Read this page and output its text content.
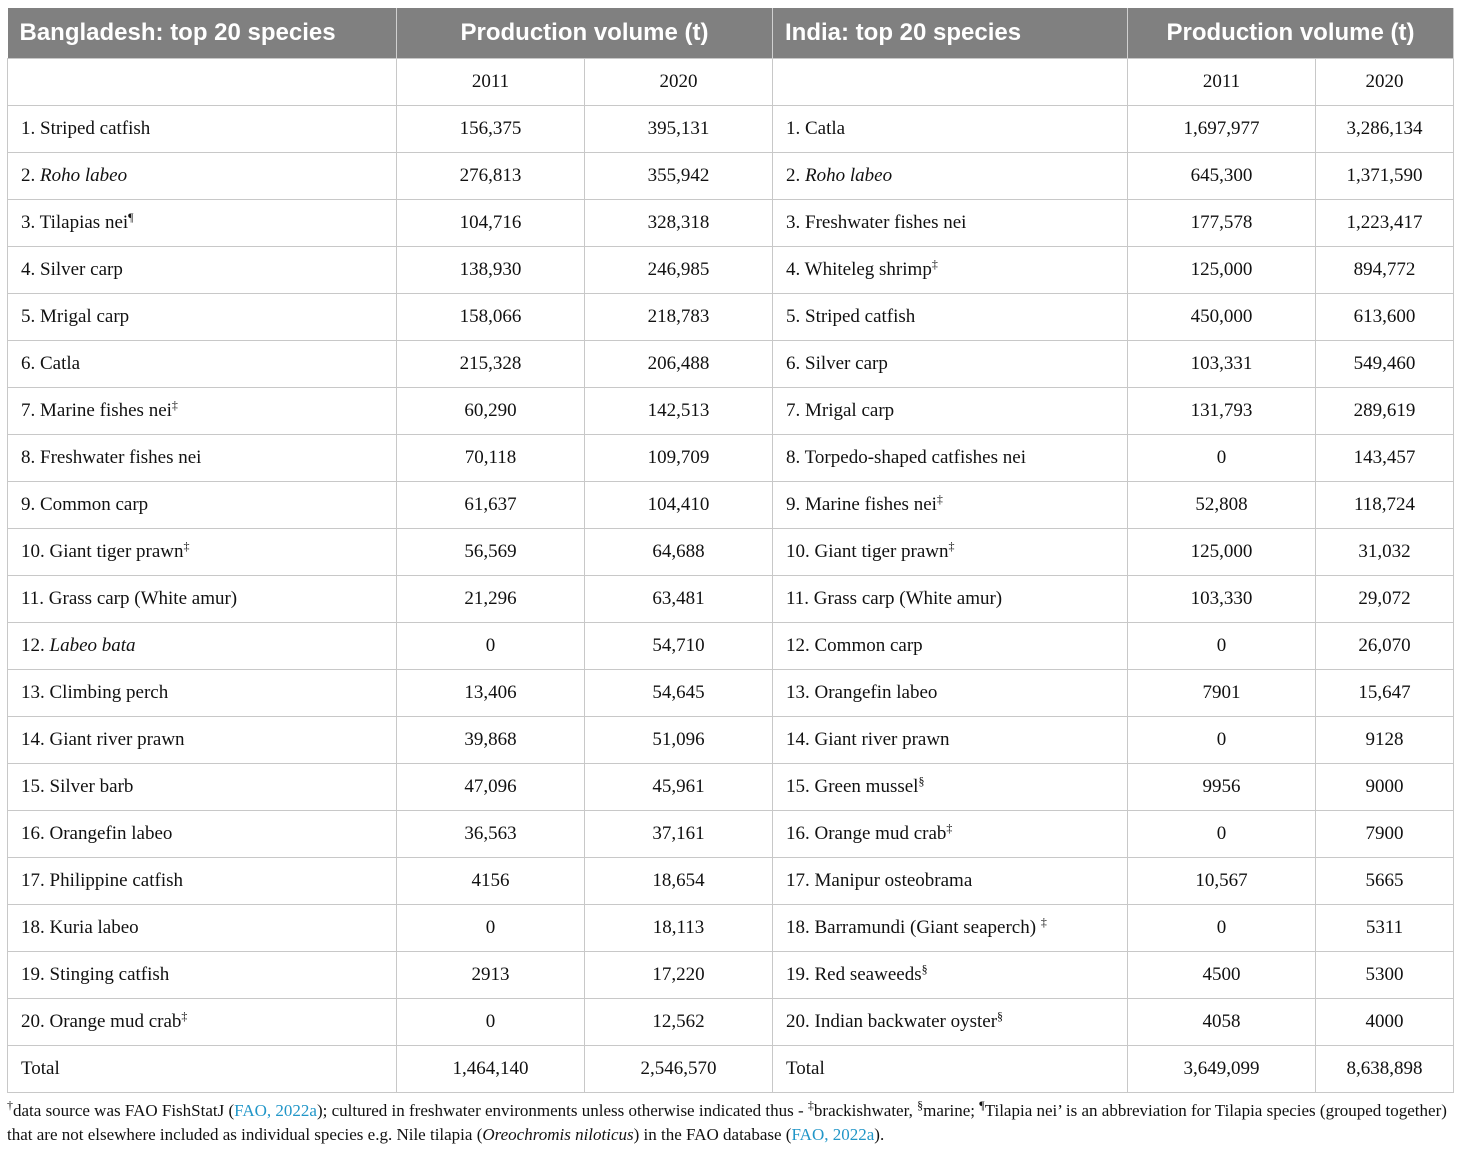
Bangladesh: top 20 species	Production volume (t)		India: top 20 species	Production volume (t)	
	2011	2020		2011	2020
1. Striped catfish	156,375	395,131	1. Catla	1,697,977	3,286,134
2. Roho labeo	276,813	355,942	2. Roho labeo	645,300	1,371,590
3. Tilapias nei¶	104,716	328,318	3. Freshwater fishes nei	177,578	1,223,417
4. Silver carp	138,930	246,985	4. Whiteleg shrimp‡	125,000	894,772
5. Mrigal carp	158,066	218,783	5. Striped catfish	450,000	613,600
6. Catla	215,328	206,488	6. Silver carp	103,331	549,460
7. Marine fishes nei‡	60,290	142,513	7. Mrigal carp	131,793	289,619
8. Freshwater fishes nei	70,118	109,709	8. Torpedo-shaped catfishes nei	0	143,457
9. Common carp	61,637	104,410	9. Marine fishes nei‡	52,808	118,724
10. Giant tiger prawn‡	56,569	64,688	10. Giant tiger prawn‡	125,000	31,032
11. Grass carp (White amur)	21,296	63,481	11. Grass carp (White amur)	103,330	29,072
12. Labeo bata	0	54,710	12. Common carp	0	26,070
13. Climbing perch	13,406	54,645	13. Orangefin labeo	7901	15,647
14. Giant river prawn	39,868	51,096	14. Giant river prawn	0	9128
15. Silver barb	47,096	45,961	15. Green mussel§	9956	9000
16. Orangefin labeo	36,563	37,161	16. Orange mud crab‡	0	7900
17. Philippine catfish	4156	18,654	17. Manipur osteobrama	10,567	5665
18. Kuria labeo	0	18,113	18. Barramundi (Giant seaperch) ‡	0	5311
19. Stinging catfish	2913	17,220	19. Red seaweeds§	4500	5300
20. Orange mud crab‡	0	12,562	20. Indian backwater oyster§	4058	4000
Total	1,464,140	2,546,570	Total	3,649,099	8,638,898
†data source was FAO FishStatJ (FAO, 2022a); cultured in freshwater environments unless otherwise indicated thus - ‡brackishwater, §marine; ¶Tilapia nei’ is an abbreviation for Tilapia species (grouped together) that are not elsewhere included as individual species e.g. Nile tilapia (Oreochromis niloticus) in the FAO database (FAO, 2022a).
